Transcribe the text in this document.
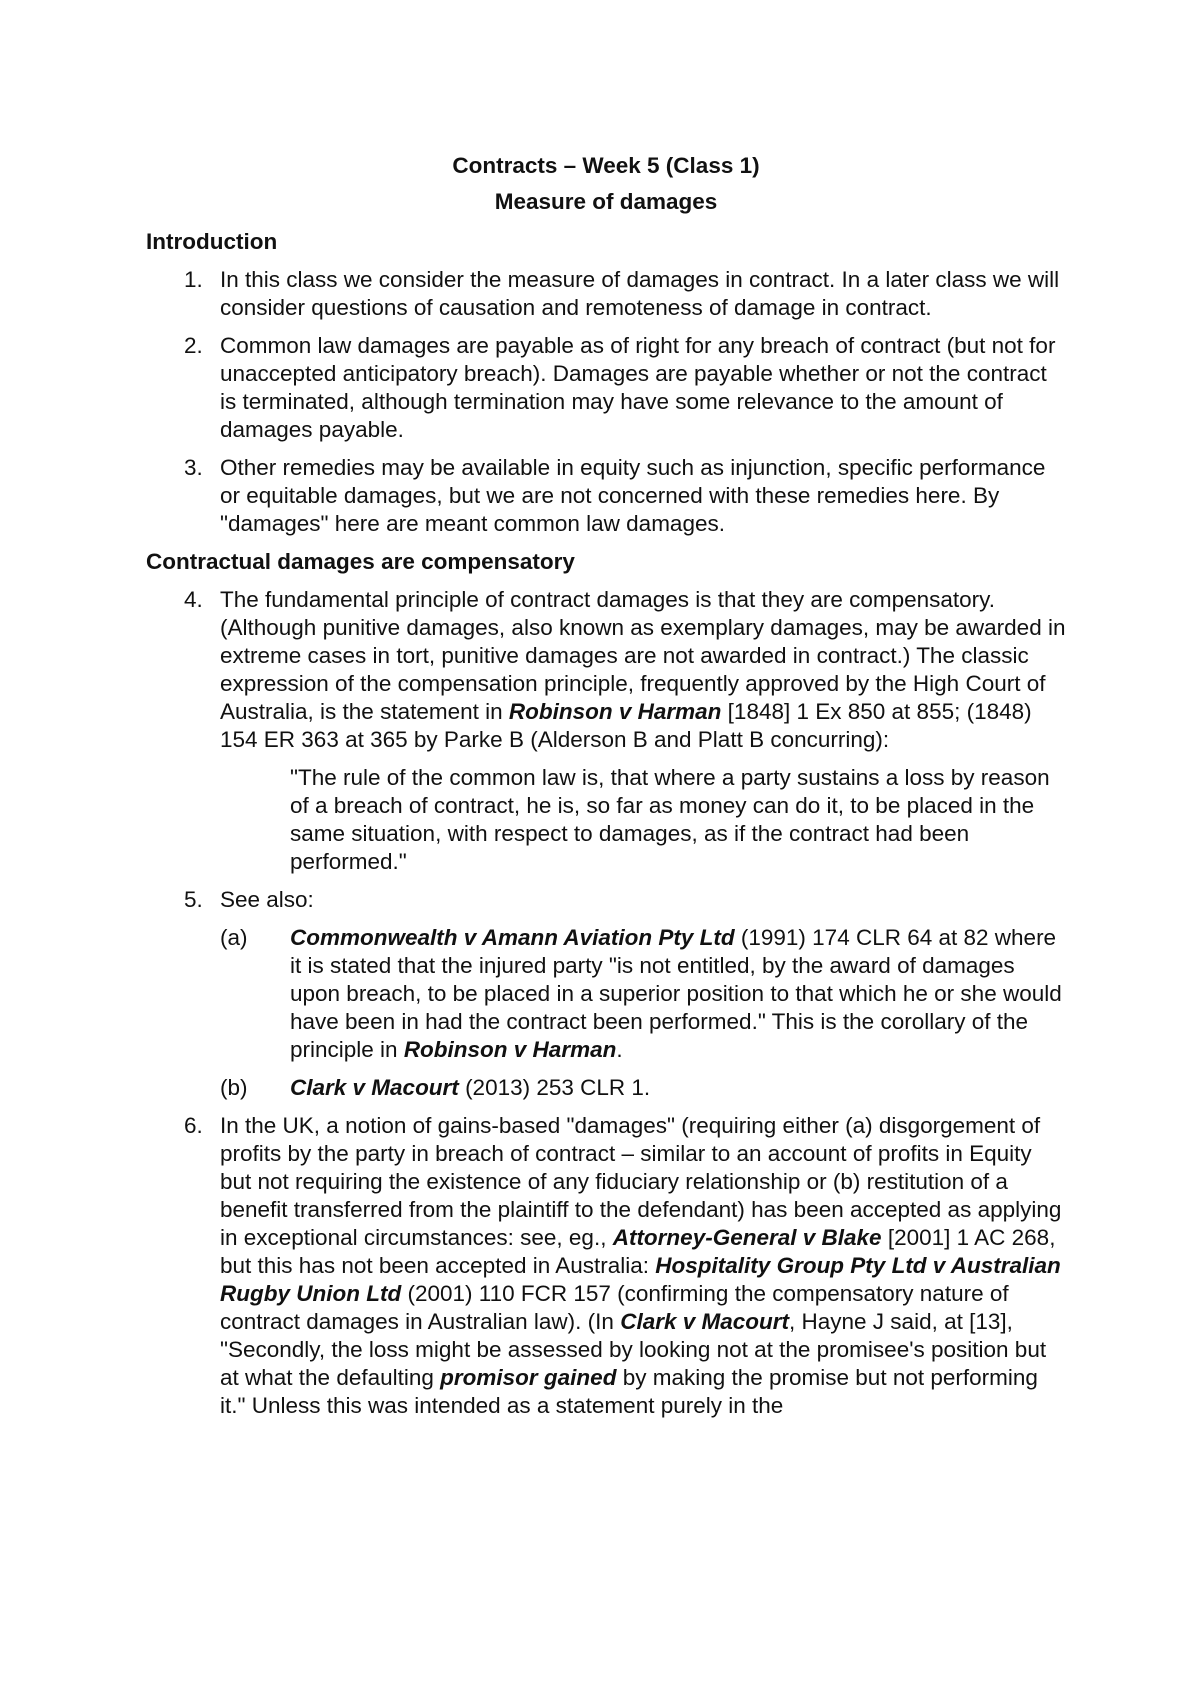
Contracts – Week 5 (Class 1)

Measure of damages

Introduction
1. In this class we consider the measure of damages in contract. In a later class we will consider questions of causation and remoteness of damage in contract.
2. Common law damages are payable as of right for any breach of contract (but not for unaccepted anticipatory breach). Damages are payable whether or not the contract is terminated, although termination may have some relevance to the amount of damages payable.
3. Other remedies may be available in equity such as injunction, specific performance or equitable damages, but we are not concerned with these remedies here. By "damages" here are meant common law damages.
Contractual damages are compensatory
4. The fundamental principle of contract damages is that they are compensatory. (Although punitive damages, also known as exemplary damages, may be awarded in extreme cases in tort, punitive damages are not awarded in contract.) The classic expression of the compensation principle, frequently approved by the High Court of Australia, is the statement in Robinson v Harman [1848] 1 Ex 850 at 855; (1848) 154 ER 363 at 365 by Parke B (Alderson B and Platt B concurring):
"The rule of the common law is, that where a party sustains a loss by reason of a breach of contract, he is, so far as money can do it, to be placed in the same situation, with respect to damages, as if the contract had been performed."
5. See also:
(a) Commonwealth v Amann Aviation Pty Ltd (1991) 174 CLR 64 at 82 where it is stated that the injured party "is not entitled, by the award of damages upon breach, to be placed in a superior position to that which he or she would have been in had the contract been performed." This is the corollary of the principle in Robinson v Harman.
(b) Clark v Macourt (2013) 253 CLR 1.
6. In the UK, a notion of gains-based "damages" (requiring either (a) disgorgement of profits by the party in breach of contract – similar to an account of profits in Equity but not requiring the existence of any fiduciary relationship or (b) restitution of a benefit transferred from the plaintiff to the defendant) has been accepted as applying in exceptional circumstances: see, eg., Attorney-General v Blake [2001] 1 AC 268, but this has not been accepted in Australia: Hospitality Group Pty Ltd v Australian Rugby Union Ltd (2001) 110 FCR 157 (confirming the compensatory nature of contract damages in Australian law). (In Clark v Macourt, Hayne J said, at [13], "Secondly, the loss might be assessed by looking not at the promisee's position but at what the defaulting promisor gained by making the promise but not performing it." Unless this was intended as a statement purely in the
